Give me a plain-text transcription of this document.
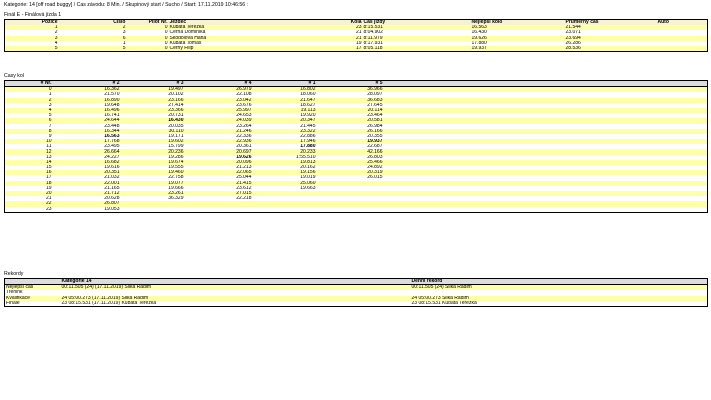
Kategorie: 14 [off road buggy] / Cas závodu: 8 Min. / Skupinový start / Sucho / Start: 17.11.2019 10:46:56 :
Finál E - Finálová jízda 1
Pozice	Cislo	Pilot Nr.	Jezdec	Kola	Cas jízdy	Nejlepší kolo	Prumerný cas	Auto
1	2	0	Kubatá Terezka	23	8:15.531	16.563	21.544	
2	3	0	Černá Dominika	21	8:04.902	16.430	23.071	
3	6	0	Škodolová Hana	21	8:11.979	19.626	23.694	
4	1	0	Kubata Tomáš	19	8:17.931	17.880	26.286	
5	5	0	Černý Filip	17	8:05.118	19.937	28.536	
Casy kol
# Nr.	# 2	# 3	# 4	# 1	# 5	
0	16.362	19.497	26.979	16.802	36.966	
1	21.570	20.102	22.108	18.060	28.097	
2	16.890	23.166	23.042	21.647	36.683	
3	19.648	27.414	23.676	18.627	27.645	
4	16.496	23.366	25.997	19.113	20.114	
5	16.741	20.731	24.653	19.920	23.464	
6	24.644	16.430	24.039	20.347	20.581	
7	23.448	20.035	23.264	21.445	26.984	
8	16.344	30.110	21.246	23.322	26.166	
9	16.563	19.171	22.336	22.886	20.355	
10	17.768	19.602	22.936	17.946	19.937	
11	23.495	15.799	20.361	17.880	22.687	
12	26.664	20.236	20.697	20.233	42.166	
13	24.227	19.286	19.626	1:55.510	26.803	
14	16.682	19.674	20.096	19.813	25.466	
15	19.616	19.555	21.213	20.162	24.892	
16	20.351	19.460	22.065	19.156	20.319	
17	21.032	22.758	25.044	19.019	26.015	
18	22.001	19.077	21.415	25.060		
19	21.165	19.666	23.612	19.663		
20	21.712	23.261	27.015			
21	20.628	36.329	22.218			
22	26.807					
23	19.053					
Rekordy
	Kategorie 14	Denní rekord
Nejlepší cas	00:11.505 (24) (17.11.2019) Šilka Radim	00:11.505 (24) Šilka Radim
Trénink		
Kvalifikace	24 05:00.273 (17.11.2019) Šilka Radim	24 05:00.273 Šilka Radim
Finále	23 08:15.531 (17.11.2019) Kubatá Terezka	23 08:15.531 Kubatá Terezka
